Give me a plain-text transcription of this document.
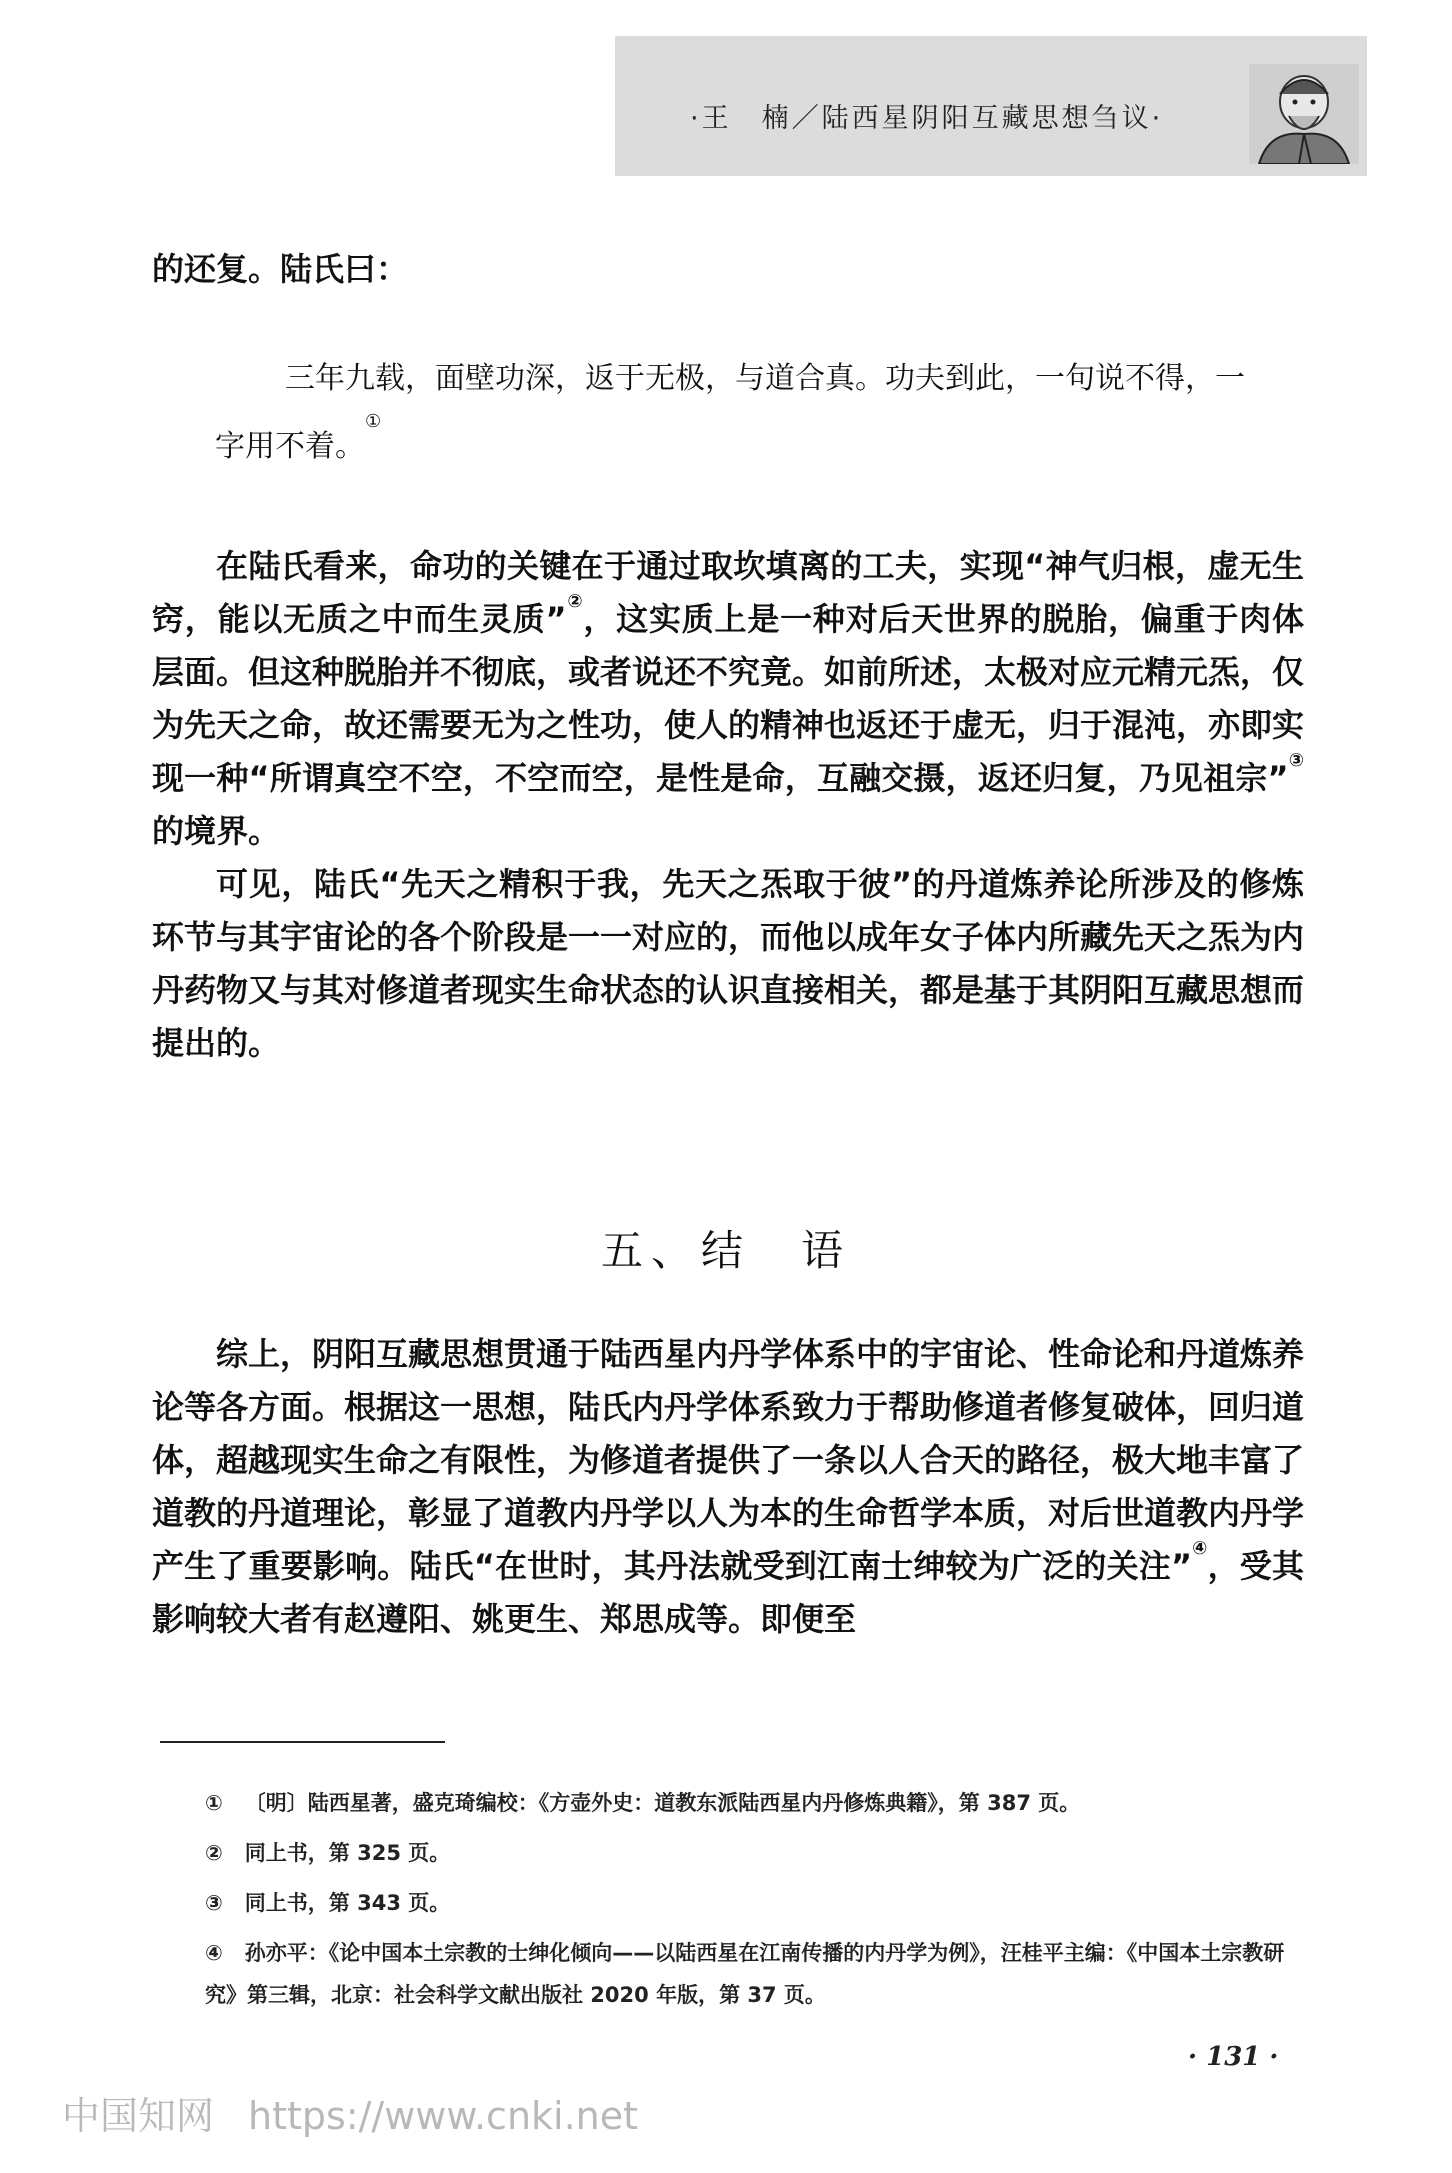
·王　楠／陆西星阴阳互藏思想刍议·

的还复。陆氏曰：

三年九载，面壁功深，返于无极，与道合真。功夫到此，一句说不得，一字用不着。①

在陆氏看来，命功的关键在于通过取坎填离的工夫，实现“神气归根，虚无生窍，能以无质之中而生灵质”②，这实质上是一种对后天世界的脱胎，偏重于肉体层面。但这种脱胎并不彻底，或者说还不究竟。如前所述，太极对应元精元炁，仅为先天之命，故还需要无为之性功，使人的精神也返还于虚无，归于混沌，亦即实现一种“所谓真空不空，不空而空，是性是命，互融交摄，返还归复，乃见祖宗”③ 的境界。

可见，陆氏“先天之精积于我，先天之炁取于彼”的丹道炼养论所涉及的修炼环节与其宇宙论的各个阶段是一一对应的，而他以成年女子体内所藏先天之炁为内丹药物又与其对修道者现实生命状态的认识直接相关，都是基于其阴阳互藏思想而提出的。

五、结　语

综上，阴阳互藏思想贯通于陆西星内丹学体系中的宇宙论、性命论和丹道炼养论等各方面。根据这一思想，陆氏内丹学体系致力于帮助修道者修复破体，回归道体，超越现实生命之有限性，为修道者提供了一条以人合天的路径，极大地丰富了道教的丹道理论，彰显了道教内丹学以人为本的生命哲学本质，对后世道教内丹学产生了重要影响。陆氏“在世时，其丹法就受到江南士绅较为广泛的关注”④，受其影响较大者有赵遵阳、姚更生、郑思成等。即便至

① 〔明〕陆西星著，盛克琦编校：《方壶外史：道教东派陆西星内丹修炼典籍》，第 387 页。

② 同上书，第 325 页。

③ 同上书，第 343 页。

④ 孙亦平：《论中国本土宗教的士绅化倾向——以陆西星在江南传播的内丹学为例》，汪桂平主编：《中国本土宗教研究》第三辑，北京：社会科学文献出版社 2020 年版，第 37 页。

· 131 ·
中国知网 https://www.cnki.net
